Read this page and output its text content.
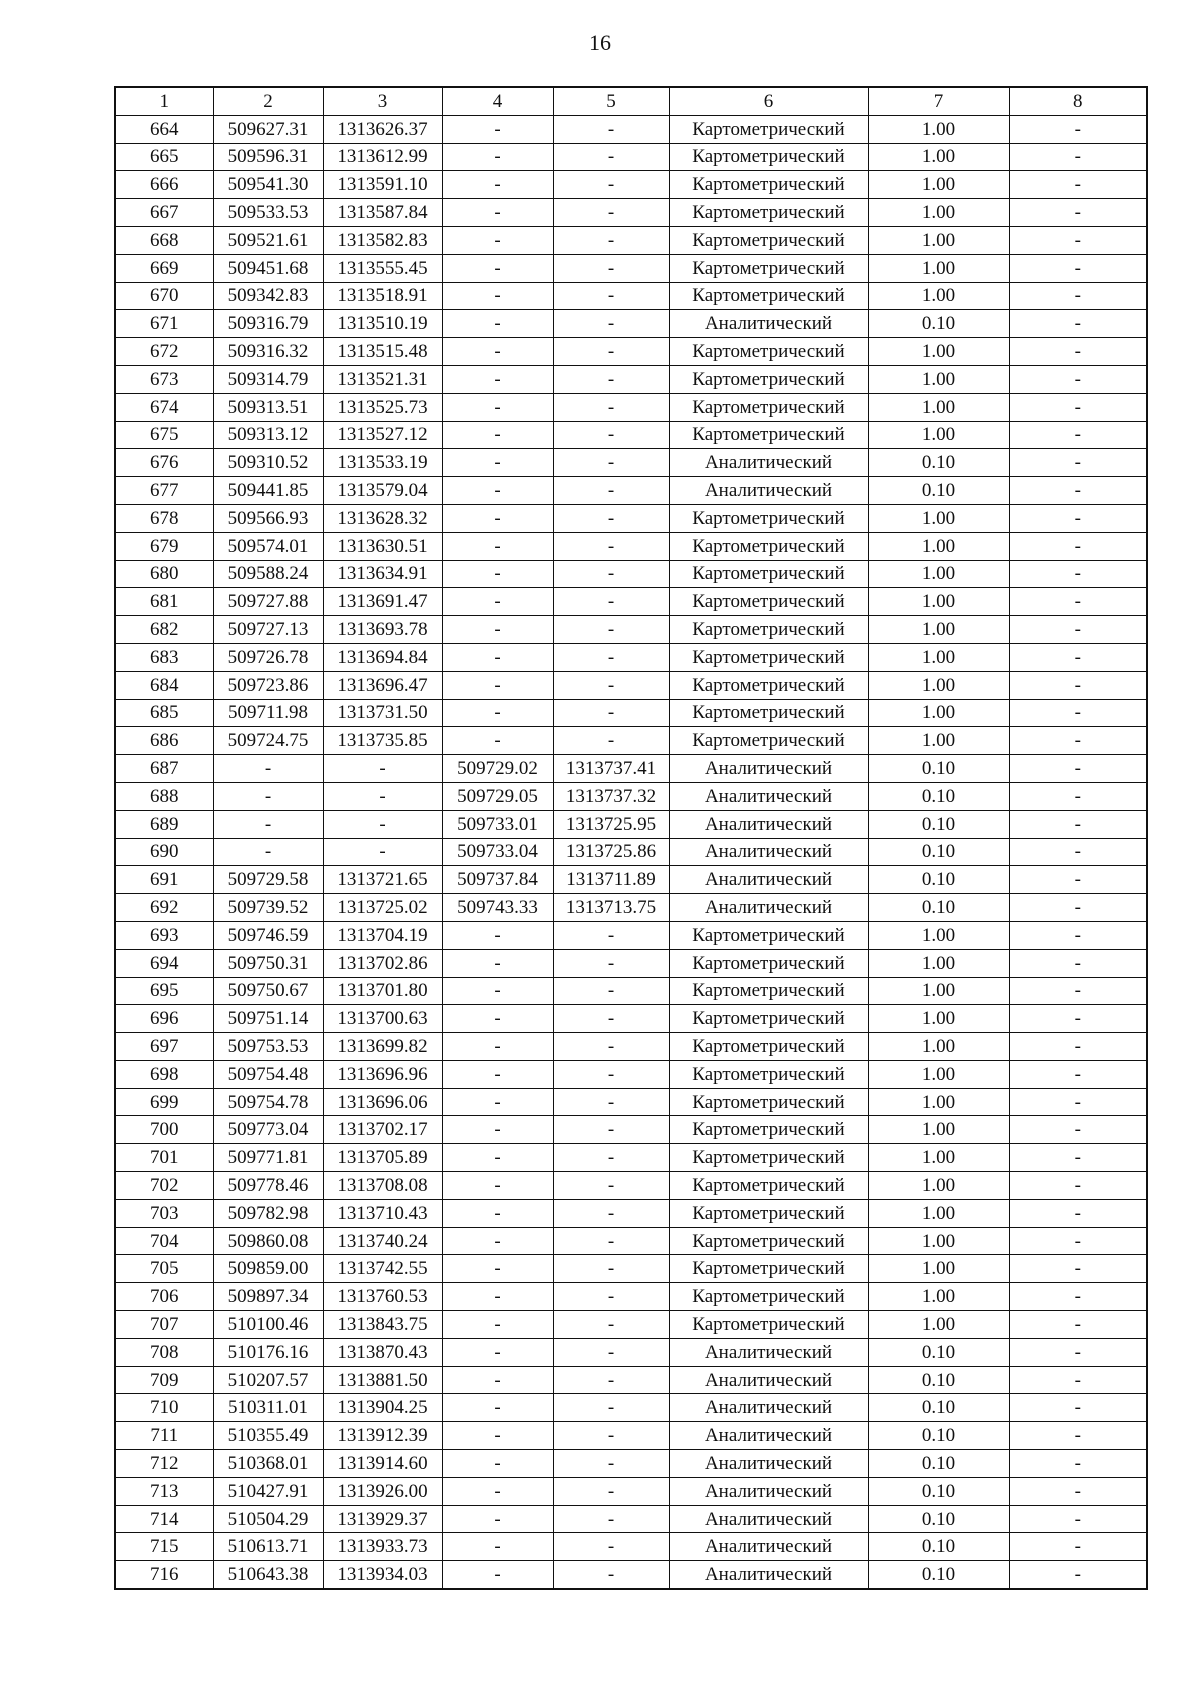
16
1	2	3	4	5	6	7	8
664	509627.31	1313626.37	-	-	Картометрический	1.00	-
665	509596.31	1313612.99	-	-	Картометрический	1.00	-
666	509541.30	1313591.10	-	-	Картометрический	1.00	-
667	509533.53	1313587.84	-	-	Картометрический	1.00	-
668	509521.61	1313582.83	-	-	Картометрический	1.00	-
669	509451.68	1313555.45	-	-	Картометрический	1.00	-
670	509342.83	1313518.91	-	-	Картометрический	1.00	-
671	509316.79	1313510.19	-	-	Аналитический	0.10	-
672	509316.32	1313515.48	-	-	Картометрический	1.00	-
673	509314.79	1313521.31	-	-	Картометрический	1.00	-
674	509313.51	1313525.73	-	-	Картометрический	1.00	-
675	509313.12	1313527.12	-	-	Картометрический	1.00	-
676	509310.52	1313533.19	-	-	Аналитический	0.10	-
677	509441.85	1313579.04	-	-	Аналитический	0.10	-
678	509566.93	1313628.32	-	-	Картометрический	1.00	-
679	509574.01	1313630.51	-	-	Картометрический	1.00	-
680	509588.24	1313634.91	-	-	Картометрический	1.00	-
681	509727.88	1313691.47	-	-	Картометрический	1.00	-
682	509727.13	1313693.78	-	-	Картометрический	1.00	-
683	509726.78	1313694.84	-	-	Картометрический	1.00	-
684	509723.86	1313696.47	-	-	Картометрический	1.00	-
685	509711.98	1313731.50	-	-	Картометрический	1.00	-
686	509724.75	1313735.85	-	-	Картометрический	1.00	-
687	-	-	509729.02	1313737.41	Аналитический	0.10	-
688	-	-	509729.05	1313737.32	Аналитический	0.10	-
689	-	-	509733.01	1313725.95	Аналитический	0.10	-
690	-	-	509733.04	1313725.86	Аналитический	0.10	-
691	509729.58	1313721.65	509737.84	1313711.89	Аналитический	0.10	-
692	509739.52	1313725.02	509743.33	1313713.75	Аналитический	0.10	-
693	509746.59	1313704.19	-	-	Картометрический	1.00	-
694	509750.31	1313702.86	-	-	Картометрический	1.00	-
695	509750.67	1313701.80	-	-	Картометрический	1.00	-
696	509751.14	1313700.63	-	-	Картометрический	1.00	-
697	509753.53	1313699.82	-	-	Картометрический	1.00	-
698	509754.48	1313696.96	-	-	Картометрический	1.00	-
699	509754.78	1313696.06	-	-	Картометрический	1.00	-
700	509773.04	1313702.17	-	-	Картометрический	1.00	-
701	509771.81	1313705.89	-	-	Картометрический	1.00	-
702	509778.46	1313708.08	-	-	Картометрический	1.00	-
703	509782.98	1313710.43	-	-	Картометрический	1.00	-
704	509860.08	1313740.24	-	-	Картометрический	1.00	-
705	509859.00	1313742.55	-	-	Картометрический	1.00	-
706	509897.34	1313760.53	-	-	Картометрический	1.00	-
707	510100.46	1313843.75	-	-	Картометрический	1.00	-
708	510176.16	1313870.43	-	-	Аналитический	0.10	-
709	510207.57	1313881.50	-	-	Аналитический	0.10	-
710	510311.01	1313904.25	-	-	Аналитический	0.10	-
711	510355.49	1313912.39	-	-	Аналитический	0.10	-
712	510368.01	1313914.60	-	-	Аналитический	0.10	-
713	510427.91	1313926.00	-	-	Аналитический	0.10	-
714	510504.29	1313929.37	-	-	Аналитический	0.10	-
715	510613.71	1313933.73	-	-	Аналитический	0.10	-
716	510643.38	1313934.03	-	-	Аналитический	0.10	-
